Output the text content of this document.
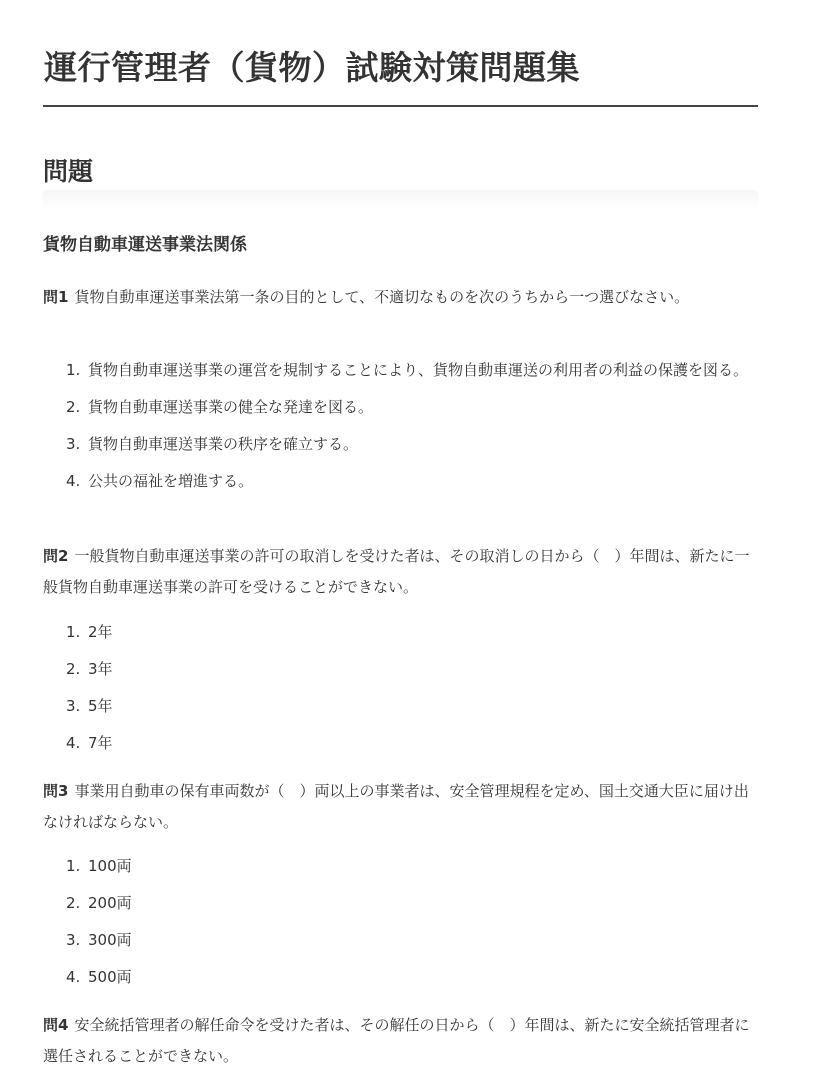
運行管理者（貨物）試験対策問題集
問題
貨物自動車運送事業法関係

問1 貨物自動車運送事業法第一条の目的として、不適切なものを次のうちから一つ選びなさい。

1. 貨物自動車運送事業の運営を規制することにより、貨物自動車運送の利用者の利益の保護を図る。
2. 貨物自動車運送事業の健全な発達を図る。
3. 貨物自動車運送事業の秩序を確立する。
4. 公共の福祉を増進する。

問2 一般貨物自動車運送事業の許可の取消しを受けた者は、その取消しの日から（　）年間は、新たに一般貨物自動車運送事業の許可を受けることができない。

1. 2年
2. 3年
3. 5年
4. 7年

問3 事業用自動車の保有車両数が（　）両以上の事業者は、安全管理規程を定め、国土交通大臣に届け出なければならない。

1. 100両
2. 200両
3. 300両
4. 500両

問4 安全統括管理者の解任命令を受けた者は、その解任の日から（　）年間は、新たに安全統括管理者に選任されることができない。
